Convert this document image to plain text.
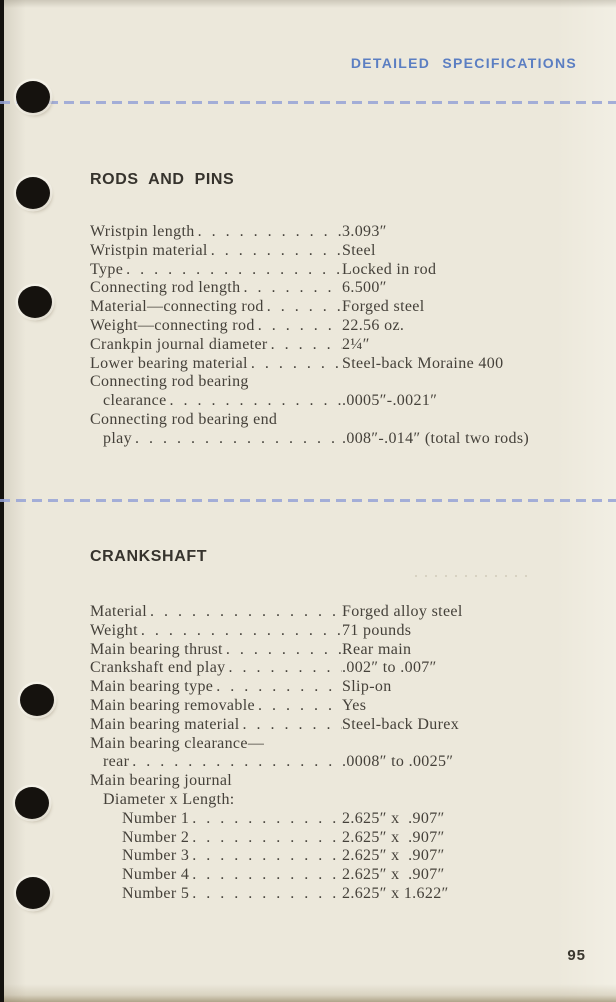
DETAILED SPECIFICATIONS
RODS AND PINS
Wristpin length . . .	3.093″
Wristpin material . . .	Steel
Type . . .	Locked in rod
Connecting rod length . . .	6.500″
Material—connecting rod . . .	Forged steel
Weight—connecting rod . . .	22.56 oz.
Crankpin journal diameter . . .	2¼″
Lower bearing material . . .	Steel-back Moraine 400
Connecting rod bearing
clearance . . .	.0005″-.0021″
Connecting rod bearing end
play . . .	.008″-.014″ (total two rods)
CRANKSHAFT
Material . . .	Forged alloy steel
Weight . . .	71 pounds
Main bearing thrust . . .	Rear main
Crankshaft end play . . .	.002″ to .007″
Main bearing type . . .	Slip-on
Main bearing removable . . .	Yes
Main bearing material . . .	Steel-back Durex
Main bearing clearance—
rear . . .	.0008″ to .0025″
Main bearing journal
Diameter x Length:
Number 1 . . .	2.625″ x  .907″
Number 2 . . .	2.625″ x  .907″
Number 3 . . .	2.625″ x  .907″
Number 4 . . .	2.625″ x  .907″
Number 5 . . .	2.625″ x 1.622″
95
